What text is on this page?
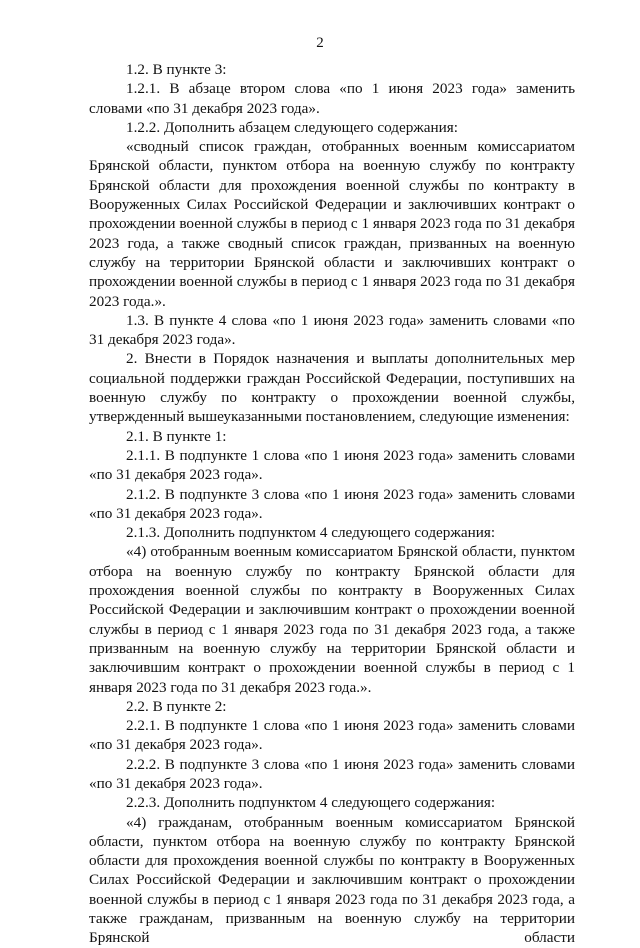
2

1.2. В пункте 3:

1.2.1. В абзаце втором слова «по 1 июня 2023 года» заменить словами «по 31 декабря 2023 года».

1.2.2. Дополнить абзацем следующего содержания:

«сводный список граждан, отобранных военным комиссариатом Брянской области, пунктом отбора на военную службу по контракту Брянской области для прохождения военной службы по контракту в Вооруженных Силах Российской Федерации и заключивших контракт о прохождении военной службы в период с 1 января 2023 года по 31 декабря 2023 года, а также сводный список граждан, призванных на военную службу на территории Брянской области и заключивших контракт о прохождении военной службы в период с 1 января 2023 года по 31 декабря 2023 года.».

1.3. В пункте 4 слова «по 1 июня 2023 года» заменить словами «по 31 декабря 2023 года».

2. Внести в Порядок назначения и выплаты дополнительных мер социальной поддержки граждан Российской Федерации, поступивших на военную службу по контракту о прохождении военной службы, утвержденный вышеуказанными постановлением, следующие изменения:

2.1. В пункте 1:

2.1.1. В подпункте 1 слова «по 1 июня 2023 года» заменить словами «по 31 декабря 2023 года».

2.1.2. В подпункте 3 слова «по 1 июня 2023 года» заменить словами «по 31 декабря 2023 года».

2.1.3. Дополнить подпунктом 4 следующего содержания:

«4) отобранным военным комиссариатом Брянской области, пунктом отбора на военную службу по контракту Брянской области для прохождения военной службы по контракту в Вооруженных Силах Российской Федерации и заключившим контракт о прохождении военной службы в период с 1 января 2023 года по 31 декабря 2023 года, а также призванным на военную службу на территории Брянской области и заключившим контракт о прохождении военной службы в период с 1 января 2023 года по 31 декабря 2023 года.».

2.2. В пункте 2:

2.2.1. В подпункте 1 слова «по 1 июня 2023 года» заменить словами «по 31 декабря 2023 года».

2.2.2. В подпункте 3 слова «по 1 июня 2023 года» заменить словами «по 31 декабря 2023 года».

2.2.3. Дополнить подпунктом 4 следующего содержания:

«4) гражданам, отобранным военным комиссариатом Брянской области, пунктом отбора на военную службу по контракту Брянской области для прохождения военной службы по контракту в Вооруженных Силах Российской Федерации и заключившим контракт о прохождении военной службы в период с 1 января 2023 года по 31 декабря 2023 года, а также гражданам, призванным на военную службу на территории Брянской области
